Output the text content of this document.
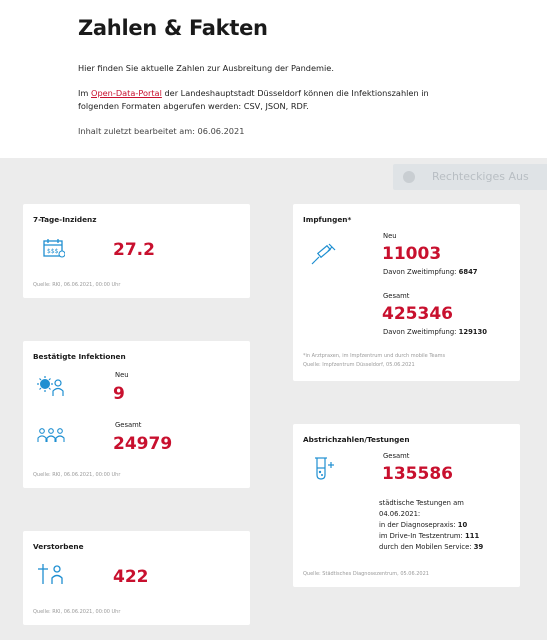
Zahlen & Fakten
Hier finden Sie aktuelle Zahlen zur Ausbreitung der Pandemie.
Im Open-Data-Portal der Landeshauptstadt Düsseldorf können die Infektionszahlen in folgenden Formaten abgerufen werden: CSV, JSON, RDF.
Inhalt zuletzt bearbeitet am: 06.06.2021
Rechteckiges Aus
7-Tage-Inzidenz
$$$	27.2
Quelle: RKI, 06.06.2021, 00:00 Uhr
Bestätigte Infektionen
Neu
9
Gesamt
24979
Quelle: RKI, 06.06.2021, 00:00 Uhr
Verstorbene
422
Quelle: RKI, 06.06.2021, 00:00 Uhr
Impfungen*
Neu
11003
Davon Zweitimpfung: 6847
Gesamt
425346
Davon Zweitimpfung: 129130
*in Arztpraxen, im Impfzentrum und durch mobile Teams
Quelle: Impfzentrum Düsseldorf, 05.06.2021
Abstrichzahlen/Testungen
Gesamt
135586
städtische Testungen am
04.06.2021:
in der Diagnosepraxis: 10
im Drive-In Testzentrum: 111
durch den Mobilen Service: 39
Quelle: Städtisches Diagnosezentrum, 05.06.2021
